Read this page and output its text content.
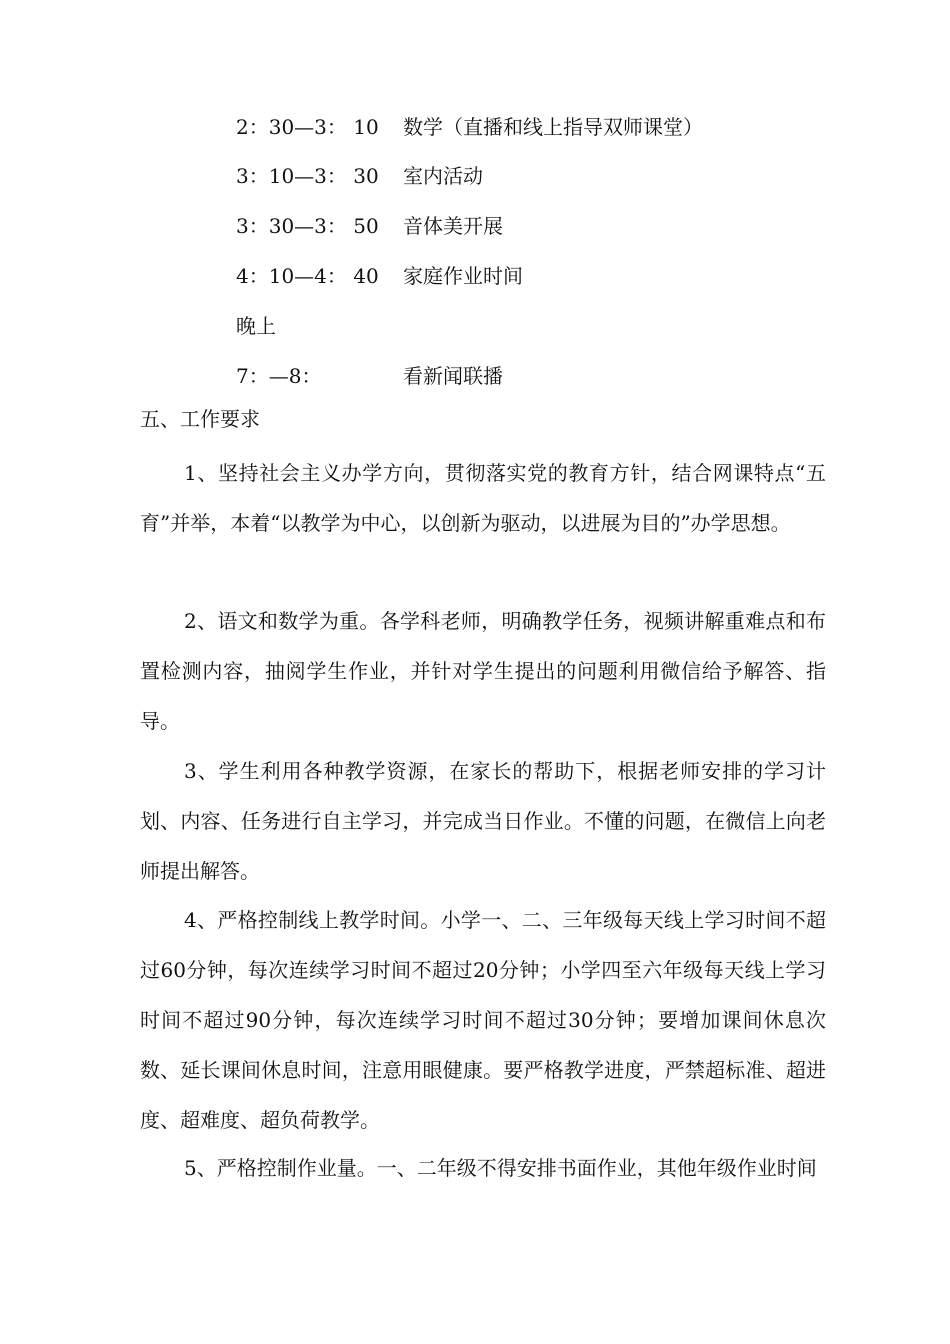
2：30—3： 10 数学（直播和线上指导双师课堂）
3：10—3： 30 室内活动
3：30—3： 50 音体美开展
4：10—4： 40 家庭作业时间
晚上
7：—8：	看新闻联播
五、工作要求

1、坚持社会主义办学方向，贯彻落实党的教育方针，结合网课特点“五育”并举，本着“以教学为中心，以创新为驱动，以进展为目的”办学思想。

2、语文和数学为重。各学科老师，明确教学任务，视频讲解重难点和布置检测内容，抽阅学生作业，并针对学生提出的问题利用微信给予解答、指导。

3、学生利用各种教学资源，在家长的帮助下，根据老师安排的学习计划、内容、任务进行自主学习，并完成当日作业。不懂的问题，在微信上向老师提出解答。

4、严格控制线上教学时间。小学一、二、三年级每天线上学习时间不超过60分钟，每次连续学习时间不超过20分钟；小学四至六年级每天线上学习时间不超过90分钟，每次连续学习时间不超过30分钟；要增加课间休息次数、延长课间休息时间，注意用眼健康。要严格教学进度，严禁超标准、超进度、超难度、超负荷教学。

5、严格控制作业量。一、二年级不得安排书面作业，其他年级作业时间
